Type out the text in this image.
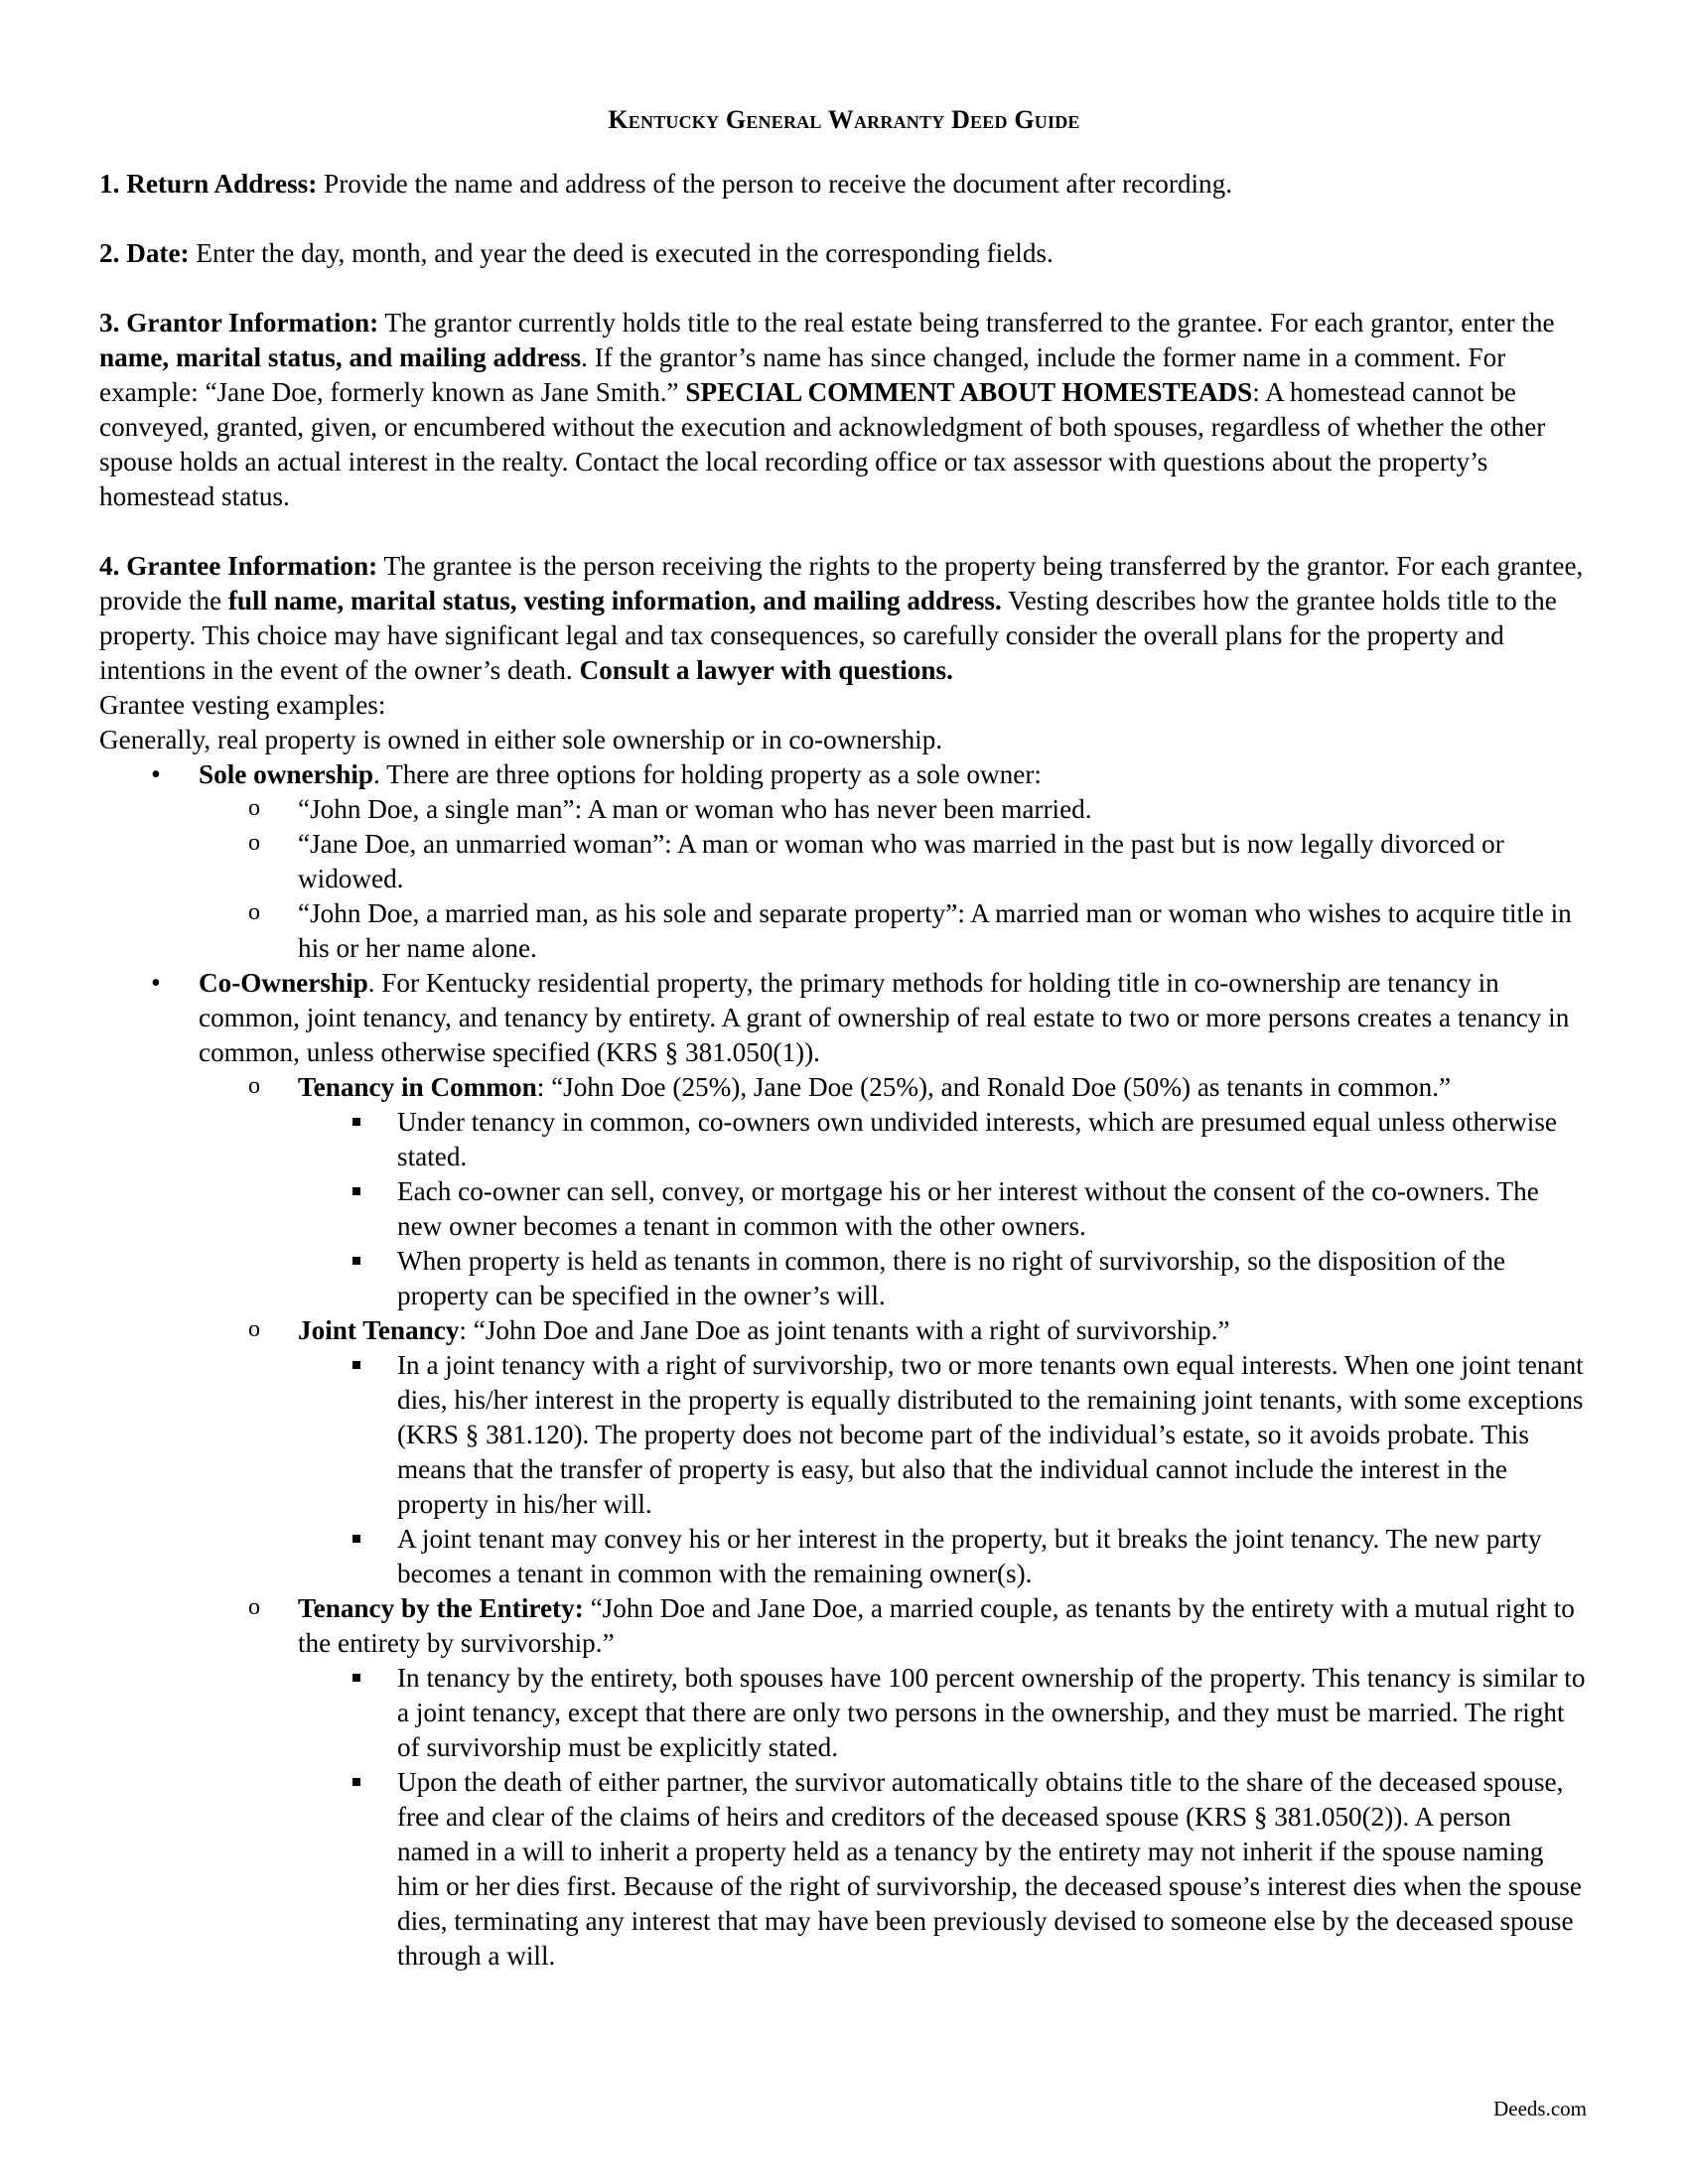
Kentucky General Warranty Deed Guide

1. Return Address: Provide the name and address of the person to receive the document after recording.

2. Date: Enter the day, month, and year the deed is executed in the corresponding fields.

3. Grantor Information: The grantor currently holds title to the real estate being transferred to the grantee. For each grantor, enter the name, marital status, and mailing address. If the grantor’s name has since changed, include the former name in a comment. For example: “Jane Doe, formerly known as Jane Smith.” SPECIAL COMMENT ABOUT HOMESTEADS: A homestead cannot be conveyed, granted, given, or encumbered without the execution and acknowledgment of both spouses, regardless of whether the other spouse holds an actual interest in the realty. Contact the local recording office or tax assessor with questions about the property’s homestead status.

4. Grantee Information: The grantee is the person receiving the rights to the property being transferred by the grantor. For each grantee, provide the full name, marital status, vesting information, and mailing address. Vesting describes how the grantee holds title to the property. This choice may have significant legal and tax consequences, so carefully consider the overall plans for the property and intentions in the event of the owner’s death. Consult a lawyer with questions.

Grantee vesting examples:

Generally, real property is owned in either sole ownership or in co-ownership.

• Sole ownership. There are three options for holding property as a sole owner:
o “John Doe, a single man”: A man or woman who has never been married.
o “Jane Doe, an unmarried woman”: A man or woman who was married in the past but is now legally divorced or widowed.
o “John Doe, a married man, as his sole and separate property”: A married man or woman who wishes to acquire title in his or her name alone.
• Co-Ownership. For Kentucky residential property, the primary methods for holding title in co-ownership are tenancy in common, joint tenancy, and tenancy by entirety. A grant of ownership of real estate to two or more persons creates a tenancy in common, unless otherwise specified (KRS § 381.050(1)).
o Tenancy in Common: “John Doe (25%), Jane Doe (25%), and Ronald Doe (50%) as tenants in common.”
Under tenancy in common, co-owners own undivided interests, which are presumed equal unless otherwise stated.
Each co-owner can sell, convey, or mortgage his or her interest without the consent of the co-owners. The new owner becomes a tenant in common with the other owners.
When property is held as tenants in common, there is no right of survivorship, so the disposition of the property can be specified in the owner’s will.
o Joint Tenancy: “John Doe and Jane Doe as joint tenants with a right of survivorship.”
In a joint tenancy with a right of survivorship, two or more tenants own equal interests. When one joint tenant dies, his/her interest in the property is equally distributed to the remaining joint tenants, with some exceptions (KRS § 381.120). The property does not become part of the individual’s estate, so it avoids probate. This means that the transfer of property is easy, but also that the individual cannot include the interest in the property in his/her will.
A joint tenant may convey his or her interest in the property, but it breaks the joint tenancy. The new party becomes a tenant in common with the remaining owner(s).
o Tenancy by the Entirety: “John Doe and Jane Doe, a married couple, as tenants by the entirety with a mutual right to the entirety by survivorship.”
In tenancy by the entirety, both spouses have 100 percent ownership of the property. This tenancy is similar to a joint tenancy, except that there are only two persons in the ownership, and they must be married. The right of survivorship must be explicitly stated.
Upon the death of either partner, the survivor automatically obtains title to the share of the deceased spouse, free and clear of the claims of heirs and creditors of the deceased spouse (KRS § 381.050(2)). A person named in a will to inherit a property held as a tenancy by the entirety may not inherit if the spouse naming him or her dies first. Because of the right of survivorship, the deceased spouse’s interest dies when the spouse dies, terminating any interest that may have been previously devised to someone else by the deceased spouse through a will.
Deeds.com
